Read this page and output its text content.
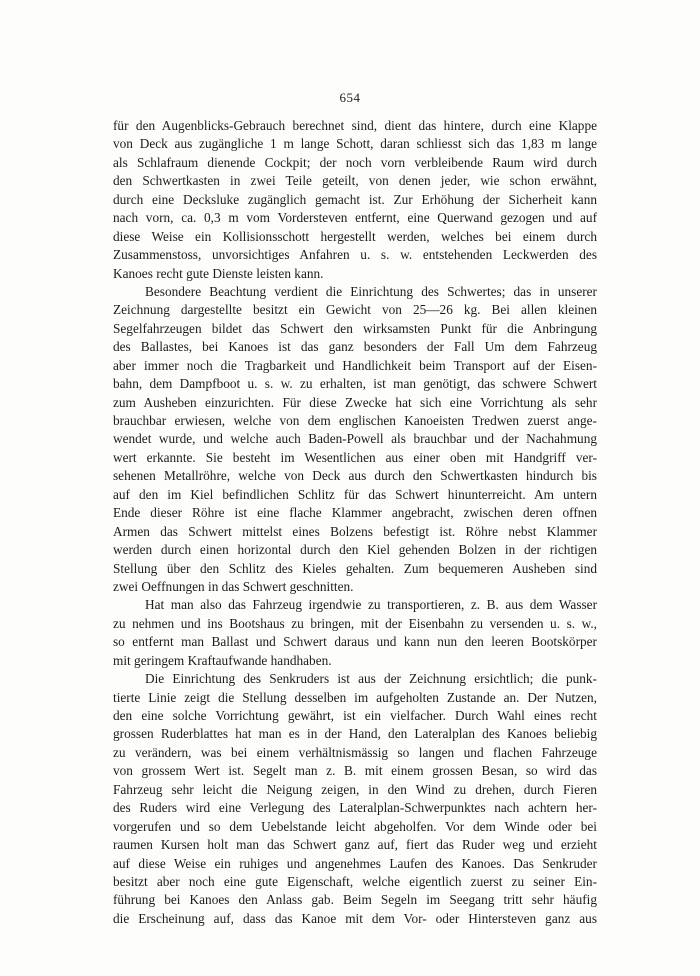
654
für den Augenblicks-Gebrauch berechnet sind, dient das hintere, durch eine Klappe
von Deck aus zugängliche 1 m lange Schott, daran schliesst sich das 1,83 m lange
als Schlafraum dienende Cockpit; der noch vorn verbleibende Raum wird durch
den Schwertkasten in zwei Teile geteilt, von denen jeder, wie schon erwähnt,
durch eine Decksluke zugänglich gemacht ist. Zur Erhöhung der Sicherheit kann
nach vorn, ca. 0,3 m vom Vordersteven entfernt, eine Querwand gezogen und auf
diese Weise ein Kollisionsschott hergestellt werden, welches bei einem durch
Zusammenstoss, unvorsichtiges Anfahren u. s. w. entstehenden Leckwerden des
Kanoes recht gute Dienste leisten kann.
Besondere Beachtung verdient die Einrichtung des Schwertes; das in unserer
Zeichnung dargestellte besitzt ein Gewicht von 25—26 kg. Bei allen kleinen
Segelfahrzeugen bildet das Schwert den wirksamsten Punkt für die Anbringung
des Ballastes, bei Kanoes ist das ganz besonders der Fall Um dem Fahrzeug
aber immer noch die Tragbarkeit und Handlichkeit beim Transport auf der Eisen-
bahn, dem Dampfboot u. s. w. zu erhalten, ist man genötigt, das schwere Schwert
zum Ausheben einzurichten. Für diese Zwecke hat sich eine Vorrichtung als sehr
brauchbar erwiesen, welche von dem englischen Kanoeisten Tredwen zuerst ange-
wendet wurde, und welche auch Baden-Powell als brauchbar und der Nachahmung
wert erkannte. Sie besteht im Wesentlichen aus einer oben mit Handgriff ver-
sehenen Metallröhre, welche von Deck aus durch den Schwertkasten hindurch bis
auf den im Kiel befindlichen Schlitz für das Schwert hinunterreicht. Am untern
Ende dieser Röhre ist eine flache Klammer angebracht, zwischen deren offnen
Armen das Schwert mittelst eines Bolzens befestigt ist. Röhre nebst Klammer
werden durch einen horizontal durch den Kiel gehenden Bolzen in der richtigen
Stellung über den Schlitz des Kieles gehalten. Zum bequemeren Ausheben sind
zwei Oeffnungen in das Schwert geschnitten.
Hat man also das Fahrzeug irgendwie zu transportieren, z. B. aus dem Wasser
zu nehmen und ins Bootshaus zu bringen, mit der Eisenbahn zu versenden u. s. w.,
so entfernt man Ballast und Schwert daraus und kann nun den leeren Bootskörper
mit geringem Kraftaufwande handhaben.
Die Einrichtung des Senkruders ist aus der Zeichnung ersichtlich; die punk-
tierte Linie zeigt die Stellung desselben im aufgeholten Zustande an. Der Nutzen,
den eine solche Vorrichtung gewährt, ist ein vielfacher. Durch Wahl eines recht
grossen Ruderblattes hat man es in der Hand, den Lateralplan des Kanoes beliebig
zu verändern, was bei einem verhältnismässig so langen und flachen Fahrzeuge
von grossem Wert ist. Segelt man z. B. mit einem grossen Besan, so wird das
Fahrzeug sehr leicht die Neigung zeigen, in den Wind zu drehen, durch Fieren
des Ruders wird eine Verlegung des Lateralplan-Schwerpunktes nach achtern her-
vorgerufen und so dem Uebelstande leicht abgeholfen. Vor dem Winde oder bei
raumen Kursen holt man das Schwert ganz auf, fiert das Ruder weg und erzieht
auf diese Weise ein ruhiges und angenehmes Laufen des Kanoes. Das Senkruder
besitzt aber noch eine gute Eigenschaft, welche eigentlich zuerst zu seiner Ein-
führung bei Kanoes den Anlass gab. Beim Segeln im Seegang tritt sehr häufig
die Erscheinung auf, dass das Kanoe mit dem Vor- oder Hintersteven ganz aus
